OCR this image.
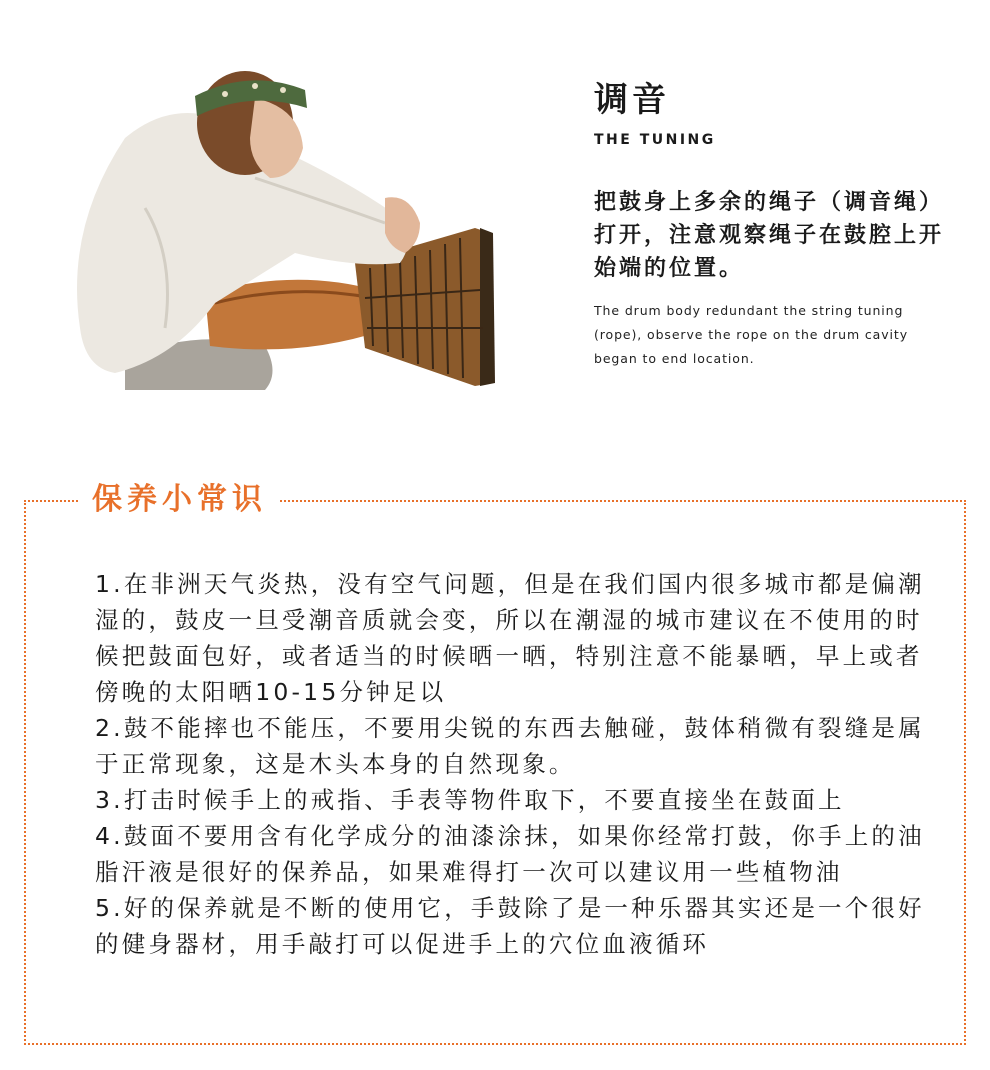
调音
THE TUNING
把鼓身上多余的绳子（调音绳）打开，注意观察绳子在鼓腔上开始端的位置。
The drum body redundant the string tuning (rope), observe the rope on the drum cavity began to end location.
保养小常识
1.在非洲天气炎热，没有空气问题，但是在我们国内很多城市都是偏潮湿的，鼓皮一旦受潮音质就会变，所以在潮湿的城市建议在不使用的时候把鼓面包好，或者适当的时候晒一晒，特别注意不能暴晒，早上或者傍晚的太阳晒10-15分钟足以
2.鼓不能摔也不能压，不要用尖锐的东西去触碰，鼓体稍微有裂缝是属于正常现象，这是木头本身的自然现象。
3.打击时候手上的戒指、手表等物件取下，不要直接坐在鼓面上
4.鼓面不要用含有化学成分的油漆涂抹，如果你经常打鼓，你手上的油脂汗液是很好的保养品，如果难得打一次可以建议用一些植物油
5.好的保养就是不断的使用它，手鼓除了是一种乐器其实还是一个很好的健身器材，用手敲打可以促进手上的穴位血液循环
